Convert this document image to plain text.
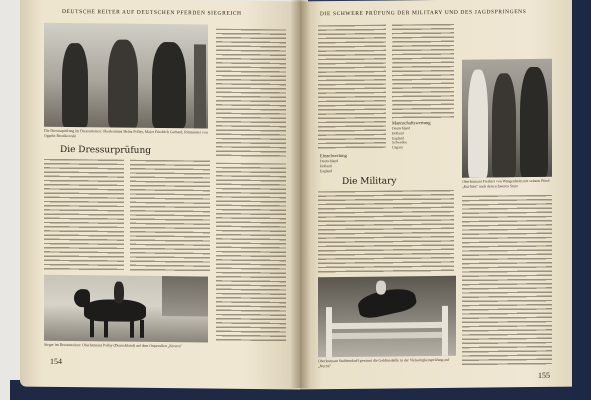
DEUTSCHE REITER AUF DEUTSCHEN PFERDEN SIEGREICH
Die Dressurprüfung im Dressurreiten: Oberleutnant Heinz Pollay, Major Friedrich Gerhard, Rittmeister von Oppeln-Bronikowski
Die Dressurprüfung
Sieger im Dressurreiten: Oberleutnant Pollay (Deutschland) auf dem Ostpreußen „Kronos"
154
DIE SCHWERE PRÜFUNG DER MILITARY UND DES JAGDSPRINGENS
Einzelwertung
Mannschaftswertung
Deutschland
Holland
England
Deutschland
Holland
England
Schweden
Ungarn
Oberleutnant Freiherr von Wangenheim mit seinem Pferd „Kurfürst" nach dem schweren Sturz
Die Military
Oberleutnant Stubbendorff gewinnt die Goldmedaille in der Vielseitigkeitsprüfung auf „Nurmi"
155
